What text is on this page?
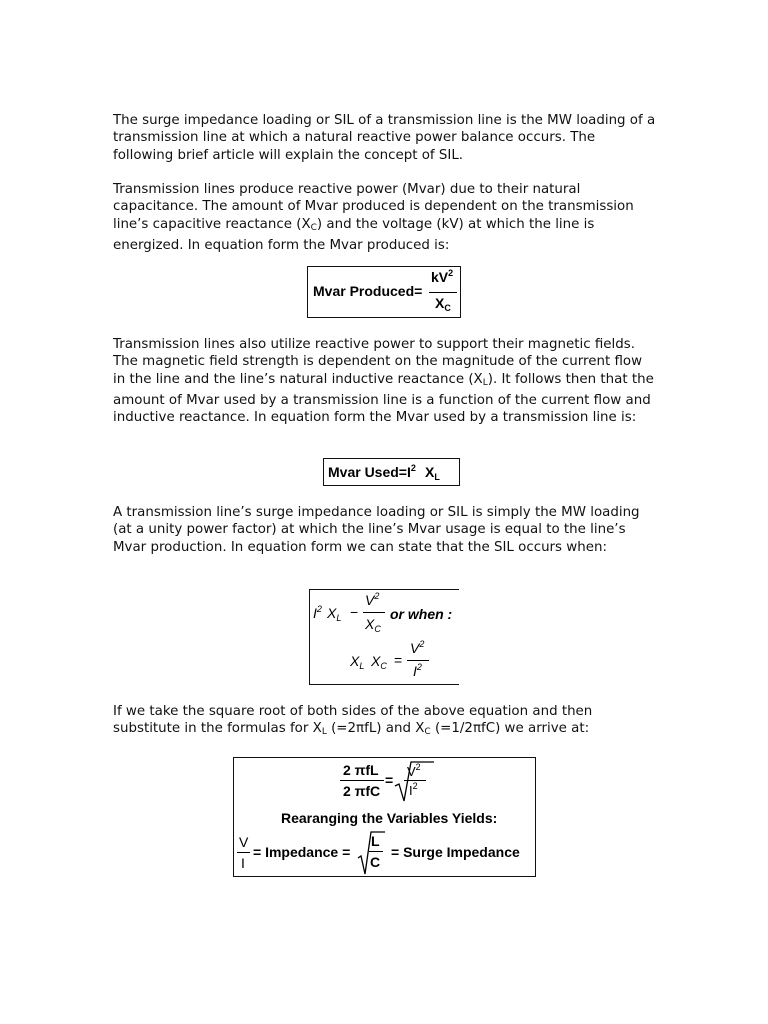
The surge impedance loading or SIL of a transmission line is the MW loading of a transmission line at which a natural reactive power balance occurs. The following brief article will explain the concept of SIL.

Transmission lines produce reactive power (Mvar) due to their natural capacitance. The amount of Mvar produced is dependent on the transmission line’s capacitive reactance $(X_C)$ and the voltage (kV) at which the line is energized. In equation form the Mvar produced is:

Mvar Produced=
$kV^2$
$X_C$

Transmission lines also utilize reactive power to support their magnetic fields. The magnetic field strength is dependent on the magnitude of the current flow in the line and the line’s natural inductive reactance $(X_L)$. It follows then that the amount of Mvar used by a transmission line is a function of the current flow and inductive reactance. In equation form the Mvar used by a transmission line is:

Mvar Used= $I^2$ $X_L$

A transmission line’s surge impedance loading or SIL is simply the MW loading (at a unity power factor) at which the line’s Mvar usage is equal to the line’s Mvar production. In equation form we can state that the SIL occurs when:

$I^2$ $X_L$ −
$V^2$
$X_C$
or when :
$X_L$ $X_C$ =
$V^2$
$I^2$

If we take the square root of both sides of the above equation and then substitute in the formulas for $X_L$ (=2πfL) and $X_C$ (=1/2πfC) we arrive at:

2 πfL
2 πfC
=
$V^2$
$I^2$
Rearanging the Variables Yields:
V
I
= Impedance =
L
C
= Surge Impedance
